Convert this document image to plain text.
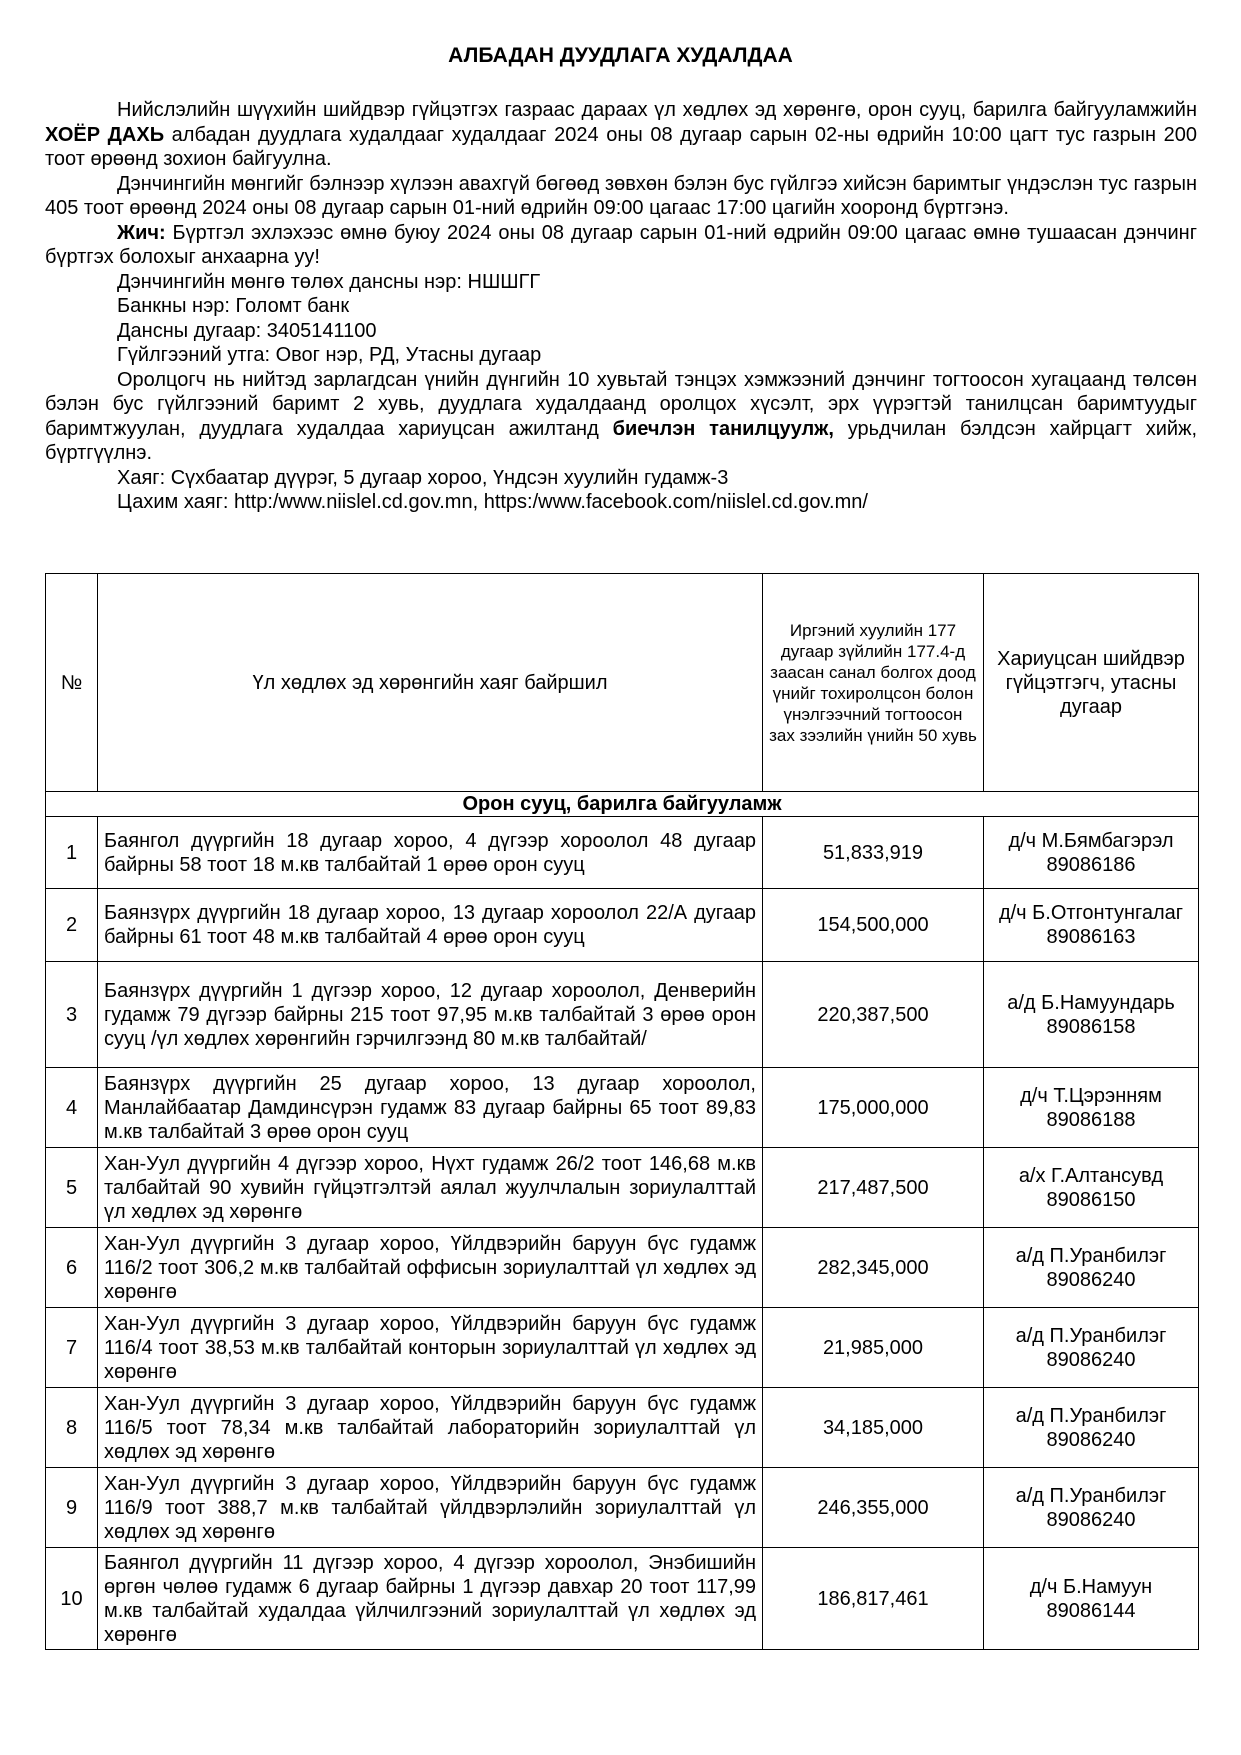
АЛБАДАН ДУУДЛАГА ХУДАЛДАА

Нийслэлийн шүүхийн шийдвэр гүйцэтгэх газраас дараах үл хөдлөх эд хөрөнгө, орон сууц, барилга байгууламжийн ХОЁР ДАХЬ албадан дуудлага худалдааг худалдааг 2024 оны 08 дугаар сарын 02-ны өдрийн 10:00 цагт тус газрын 200 тоот өрөөнд зохион байгуулна.

Дэнчингийн мөнгийг бэлнээр хүлээн авахгүй бөгөөд зөвхөн бэлэн бус гүйлгээ хийсэн баримтыг үндэслэн тус газрын 405 тоот өрөөнд 2024 оны 08 дугаар сарын 01-ний өдрийн 09:00 цагаас 17:00 цагийн хооронд бүртгэнэ.

Жич: Бүртгэл эхлэхээс өмнө буюу 2024 оны 08 дугаар сарын 01-ний өдрийн 09:00 цагаас өмнө тушаасан дэнчинг бүртгэх болохыг анхаарна уу!

Дэнчингийн мөнгө төлөх дансны нэр: НШШГГ

Банкны нэр: Голомт банк

Дансны дугаар: 3405141100

Гүйлгээний утга: Овог нэр, РД, Утасны дугаар

Оролцогч нь нийтэд зарлагдсан үнийн дүнгийн 10 хувьтай тэнцэх хэмжээний дэнчинг тогтоосон хугацаанд төлсөн бэлэн бус гүйлгээний баримт 2 хувь, дуудлага худалдаанд оролцох хүсэлт, эрх үүрэгтэй танилцсан баримтуудыг баримтжуулан, дуудлага худалдаа хариуцсан ажилтанд биечлэн танилцуулж, урьдчилан бэлдсэн хайрцагт хийж, бүртгүүлнэ.

Хаяг: Сүхбаатар дүүрэг, 5 дугаар хороо, Үндсэн хуулийн гудамж-3

Цахим хаяг: http:/www.niislel.cd.gov.mn, https:/www.facebook.com/niislel.cd.gov.mn/

№	Үл хөдлөх эд хөрөнгийн хаяг байршил	Иргэний хуулийн 177 дугаар зүйлийн 177.4-д заасан санал болгох доод үнийг тохиролцсон болон үнэлгээчний тогтоосон зах зээлийн үнийн 50 хувь	Хариуцсан шийдвэр гүйцэтгэгч, утасны дугаар
Орон сууц, барилга байгууламж			
1	Баянгол дүүргийн 18 дугаар хороо, 4 дүгээр хороолол 48 дугаар байрны 58 тоот 18 м.кв талбайтай 1 өрөө орон сууц	51,833,919	д/ч М.Бямбагэрэл 89086186
2	Баянзүрх дүүргийн 18 дугаар хороо, 13 дугаар хороолол 22/А дугаар байрны 61 тоот 48 м.кв талбайтай 4 өрөө орон сууц	154,500,000	д/ч Б.Отгонтунгалаг 89086163
3	Баянзүрх дүүргийн 1 дүгээр хороо, 12 дугаар хороолол, Денверийн гудамж 79 дүгээр байрны 215 тоот 97,95 м.кв талбайтай 3 өрөө орон сууц /үл хөдлөх хөрөнгийн гэрчилгээнд 80 м.кв талбайтай/	220,387,500	а/д Б.Намуундарь 89086158
4	Баянзүрх дүүргийн 25 дугаар хороо, 13 дугаар хороолол, Манлайбаатар Дамдинсүрэн гудамж 83 дугаар байрны 65 тоот 89,83 м.кв талбайтай 3 өрөө орон сууц	175,000,000	д/ч Т.Цэрэнням 89086188
5	Хан-Уул дүүргийн 4 дүгээр хороо, Нүхт гудамж 26/2 тоот 146,68 м.кв талбайтай 90 хувийн гүйцэтгэлтэй аялал жуулчлалын зориулалттай үл хөдлөх эд хөрөнгө	217,487,500	а/х Г.Алтансувд 89086150
6	Хан-Уул дүүргийн 3 дугаар хороо, Үйлдвэрийн баруун бүс гудамж 116/2 тоот 306,2 м.кв талбайтай оффисын зориулалттай үл хөдлөх эд хөрөнгө	282,345,000	а/д П.Уранбилэг 89086240
7	Хан-Уул дүүргийн 3 дугаар хороо, Үйлдвэрийн баруун бүс гудамж 116/4 тоот 38,53 м.кв талбайтай конторын зориулалттай үл хөдлөх эд хөрөнгө	21,985,000	а/д П.Уранбилэг 89086240
8	Хан-Уул дүүргийн 3 дугаар хороо, Үйлдвэрийн баруун бүс гудамж 116/5 тоот 78,34 м.кв талбайтай лабораторийн зориулалттай үл хөдлөх эд хөрөнгө	34,185,000	а/д П.Уранбилэг 89086240
9	Хан-Уул дүүргийн 3 дугаар хороо, Үйлдвэрийн баруун бүс гудамж 116/9 тоот 388,7 м.кв талбайтай үйлдвэрлэлийн зориулалттай үл хөдлөх эд хөрөнгө	246,355,000	а/д П.Уранбилэг 89086240
10	Баянгол дүүргийн 11 дүгээр хороо, 4 дүгээр хороолол, Энэбишийн өргөн чөлөө гудамж 6 дугаар байрны 1 дүгээр давхар 20 тоот 117,99 м.кв талбайтай худалдаа үйлчилгээний зориулалттай үл хөдлөх эд хөрөнгө	186,817,461	д/ч Б.Намуун 89086144
